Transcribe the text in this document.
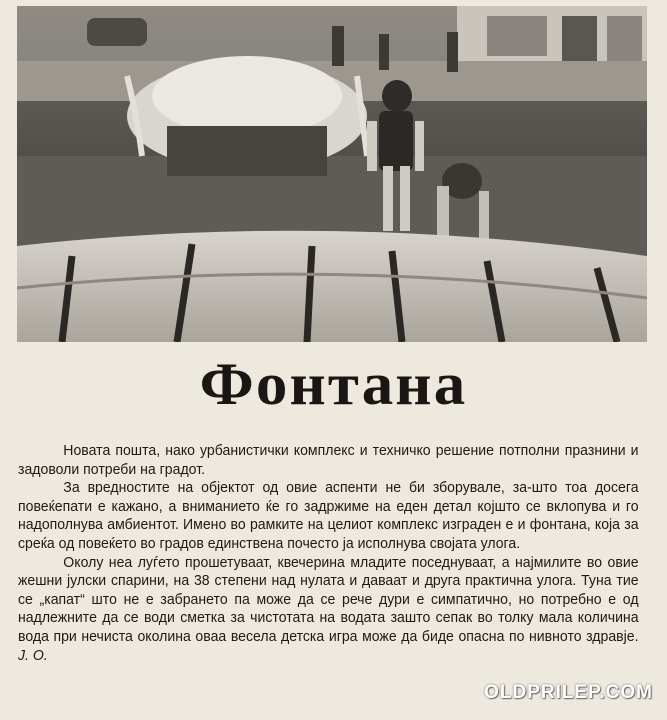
Фонтана

Новата пошта, нако урбанистички комплекс и техничко решение потполни празнини и задоволи потреби на градот.

За вредностите на објектот од овие аспенти не би зборувале, за-што тоа досега повеќепати е кажано, а вниманието ќе го задржиме на еден детал којшто се вклопува и го надополнува амбиентот. Имено во рамките на целиот комплекс изграден е и фонтана, која за среќа од повеќето во градов единствена почесто ја исполнува својата улога.

Околу неа луѓето прошетуваат, квечерина младите поседнуваат, а најмилите во овие жешни јулски спарини, на 38 степени над нулата и даваат и друга практична улога. Туна тие се „капат“ што не е забрането па може да се рече дури е симпатично, но потребно е од надлежните да се води сметка за чистотата на водата зашто сепак во толку мала количина вода при нечиста околина оваа весела детска игра може да биде опасна по нивното здравје. J. О.

OLDPRILEP.COM
